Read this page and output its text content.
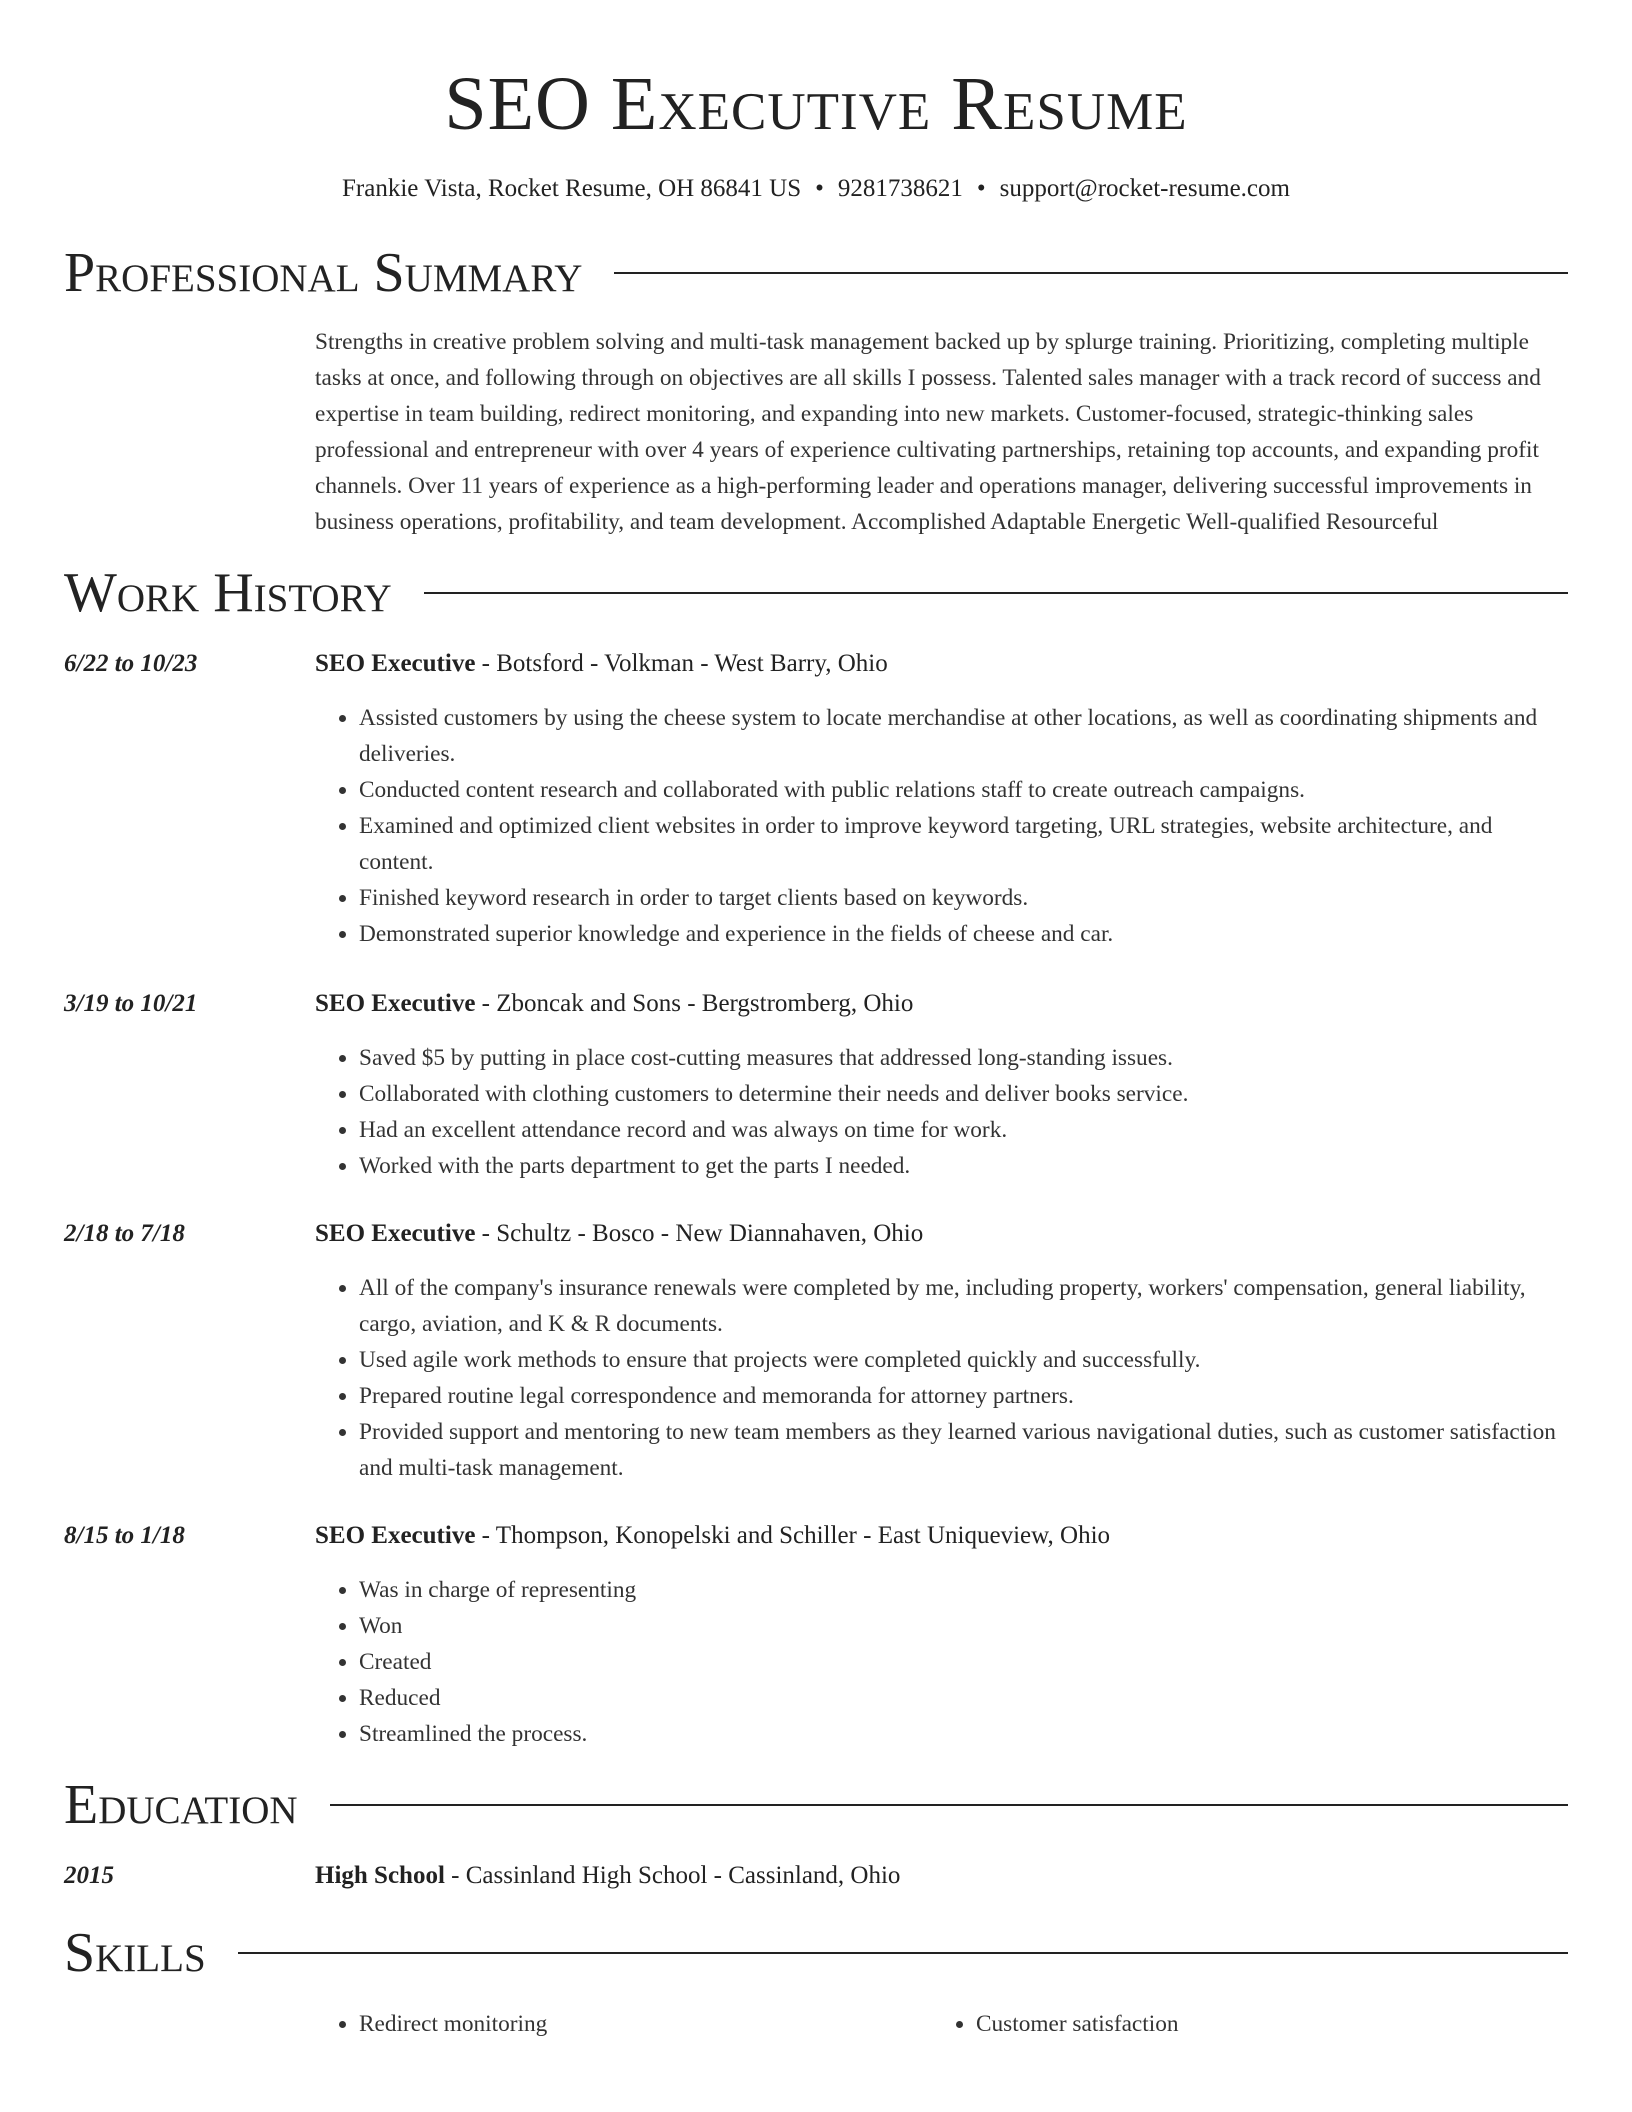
SEO Executive Resume
Frankie Vista, Rocket Resume, OH 86841 US • 9281738621 • support@rocket-resume.com
Professional Summary
Strengths in creative problem solving and multi-task management backed up by splurge training. Prioritizing, completing multiple tasks at once, and following through on objectives are all skills I possess. Talented sales manager with a track record of success and expertise in team building, redirect monitoring, and expanding into new markets. Customer-focused, strategic-thinking sales professional and entrepreneur with over 4 years of experience cultivating partnerships, retaining top accounts, and expanding profit channels. Over 11 years of experience as a high-performing leader and operations manager, delivering successful improvements in business operations, profitability, and team development. Accomplished Adaptable Energetic Well-qualified Resourceful
Work History
6/22 to 10/23	SEO Executive - Botsford - Volkman - West Barry, Ohio
• Assisted customers by using the cheese system to locate merchandise at other locations, as well as coordinating shipments and deliveries.
• Conducted content research and collaborated with public relations staff to create outreach campaigns.
• Examined and optimized client websites in order to improve keyword targeting, URL strategies, website architecture, and content.
• Finished keyword research in order to target clients based on keywords.
• Demonstrated superior knowledge and experience in the fields of cheese and car.
3/19 to 10/21	SEO Executive - Zboncak and Sons - Bergstromberg, Ohio
• Saved $5 by putting in place cost-cutting measures that addressed long-standing issues.
• Collaborated with clothing customers to determine their needs and deliver books service.
• Had an excellent attendance record and was always on time for work.
• Worked with the parts department to get the parts I needed.
2/18 to 7/18	SEO Executive - Schultz - Bosco - New Diannahaven, Ohio
• All of the company's insurance renewals were completed by me, including property, workers' compensation, general liability, cargo, aviation, and K & R documents.
• Used agile work methods to ensure that projects were completed quickly and successfully.
• Prepared routine legal correspondence and memoranda for attorney partners.
• Provided support and mentoring to new team members as they learned various navigational duties, such as customer satisfaction and multi-task management.
8/15 to 1/18	SEO Executive - Thompson, Konopelski and Schiller - East Uniqueview, Ohio
• Was in charge of representing
• Won
• Created
• Reduced
• Streamlined the process.
Education
2015	High School - Cassinland High School - Cassinland, Ohio
Skills
• Redirect monitoring
•	Customer satisfaction
